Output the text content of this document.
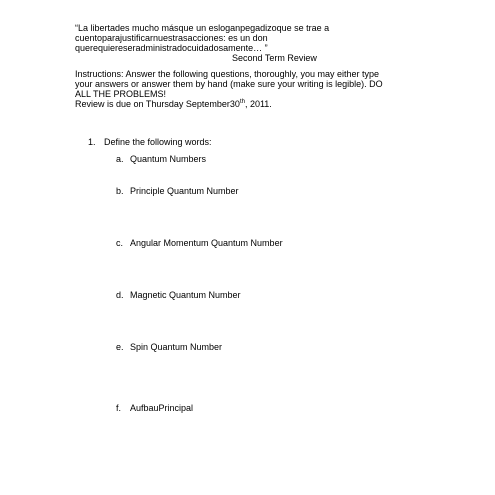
“La libertades mucho másque un esloganpegadizoque se trae a
cuentoparajustificarnuestrasacciones: es un don
querequiereseradministradocuidadosamente… ”
Second Term Review
Instructions: Answer the following questions, thoroughly, you may either type
your answers or answer them by hand (make sure your writing is legible). DO
ALL THE PROBLEMS!
Review is due on Thursday September30th, 2011.
1. Define the following words:
a. Quantum Numbers
b. Principle Quantum Number
c. Angular Momentum Quantum Number
d. Magnetic Quantum Number
e. Spin Quantum Number
f. AufbauPrincipal
